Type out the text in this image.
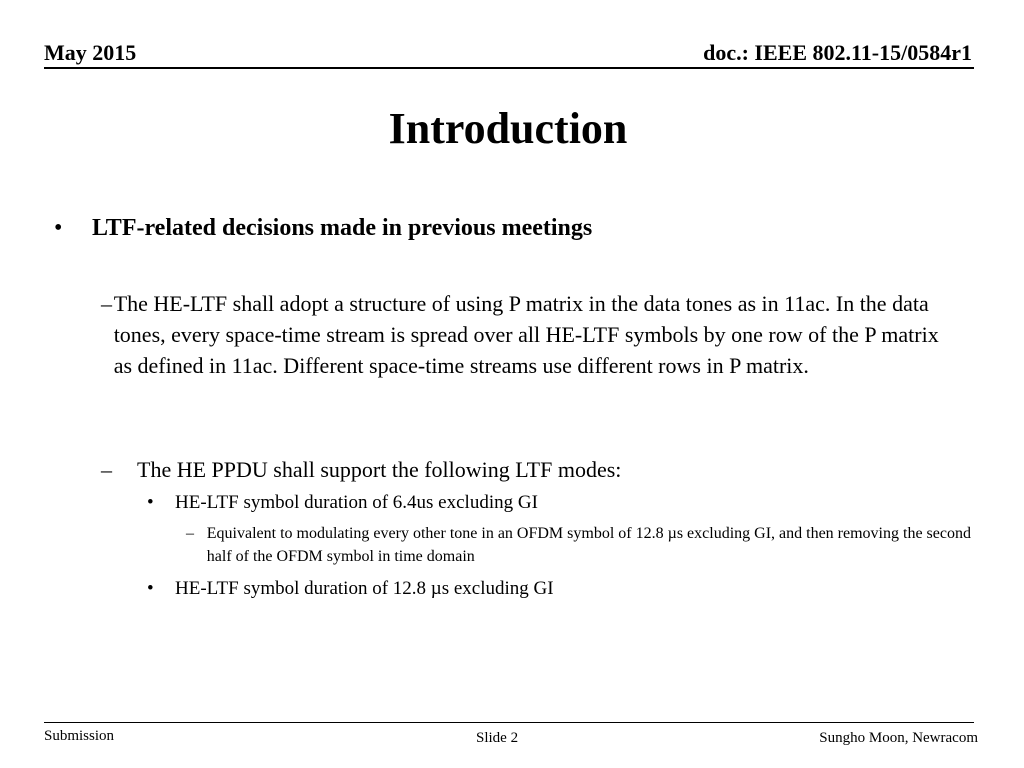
May 2015	doc.: IEEE 802.11-15/0584r1
Introduction
•	LTF-related decisions made in previous meetings
– The HE-LTF shall adopt a structure of using P matrix in the data tones as in 11ac. In the data tones, every space-time stream is spread over all HE-LTF symbols by one row of the P matrix as defined in 11ac. Different space-time streams use different rows in P matrix.
–	The HE PPDU shall support the following LTF modes:
•	HE-LTF symbol duration of 6.4us excluding GI
– Equivalent to modulating every other tone in an OFDM symbol of 12.8 µs excluding GI, and then removing the second half of the OFDM symbol in time domain
•	HE-LTF symbol duration of 12.8 µs excluding GI
Submission	Slide 2	Sungho Moon, Newracom
